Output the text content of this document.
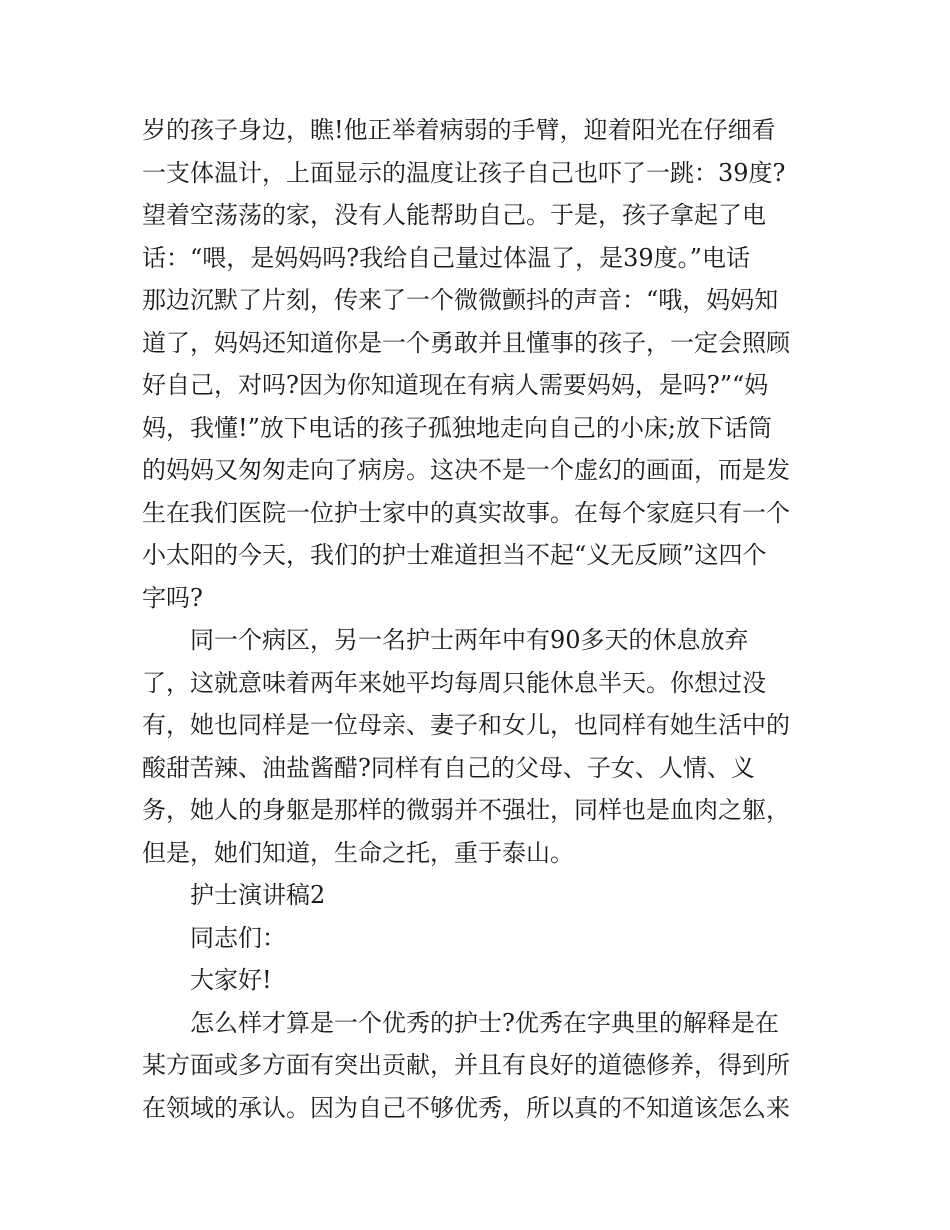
岁的孩子身边，瞧!他正举着病弱的手臂，迎着阳光在仔细看
一支体温计，上面显示的温度让孩子自己也吓了一跳：39度?
望着空荡荡的家，没有人能帮助自己。于是，孩子拿起了电
话：“喂，是妈妈吗?我给自己量过体温了，是39度。”电话
那边沉默了片刻，传来了一个微微颤抖的声音：“哦，妈妈知
道了，妈妈还知道你是一个勇敢并且懂事的孩子，一定会照顾
好自己，对吗?因为你知道现在有病人需要妈妈，是吗?”“妈
妈，我懂!”放下电话的孩子孤独地走向自己的小床;放下话筒
的妈妈又匆匆走向了病房。这决不是一个虚幻的画面，而是发
生在我们医院一位护士家中的真实故事。在每个家庭只有一个
小太阳的今天，我们的护士难道担当不起“义无反顾”这四个
字吗?
同一个病区，另一名护士两年中有90多天的休息放弃
了，这就意味着两年来她平均每周只能休息半天。你想过没
有，她也同样是一位母亲、妻子和女儿，也同样有她生活中的
酸甜苦辣、油盐酱醋?同样有自己的父母、子女、人情、义
务，她人的身躯是那样的微弱并不强壮，同样也是血肉之躯，
但是，她们知道，生命之托，重于泰山。
护士演讲稿2
同志们：
大家好!
怎么样才算是一个优秀的护士?优秀在字典里的解释是在
某方面或多方面有突出贡献，并且有良好的道德修养，得到所
在领域的承认。因为自己不够优秀，所以真的不知道该怎么来
